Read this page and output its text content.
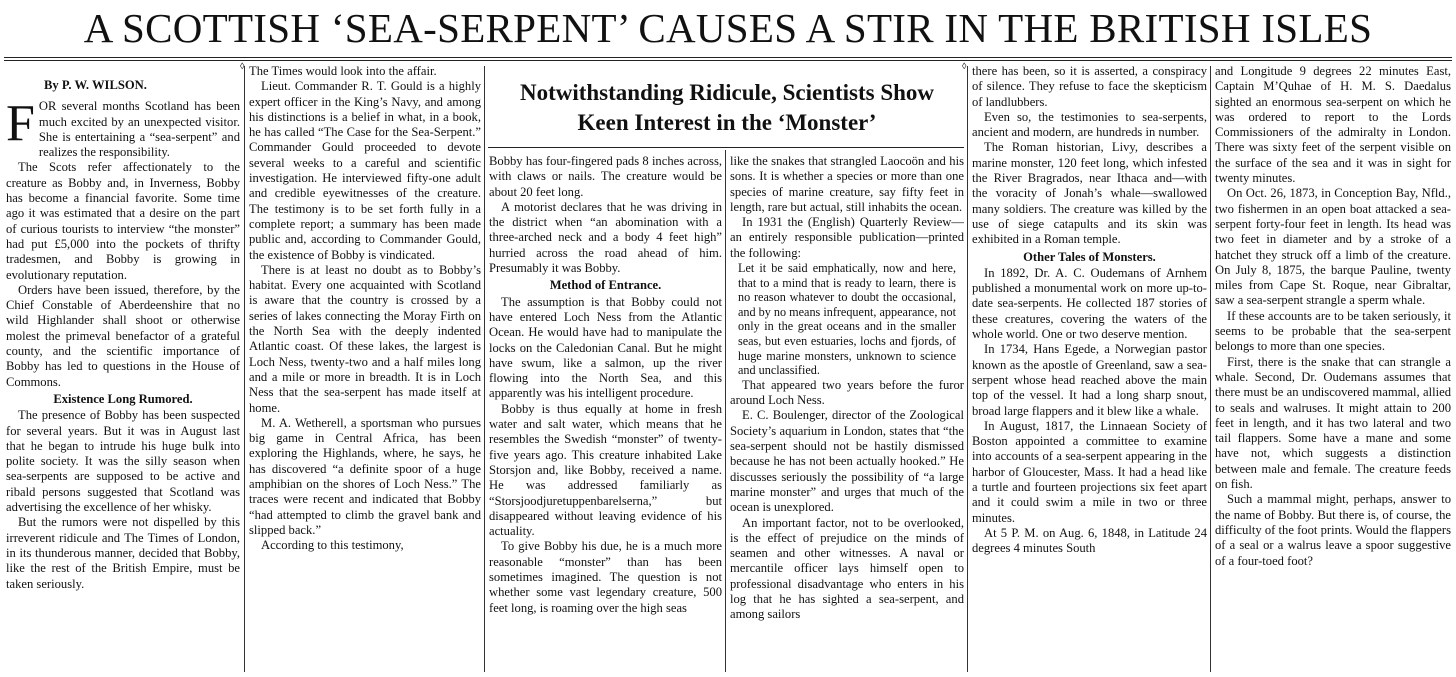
A SCOTTISH ‘SEA-SERPENT’ CAUSES A STIR IN THE BRITISH ISLES
◊	◊
By P. W. WILSON.

FOR several months Scotland has been much excited by an unexpected visitor. She is entertaining a “sea-serpent” and realizes the responsibility.

The Scots refer affectionately to the creature as Bobby and, in Inverness, Bobby has become a financial favorite. Some time ago it was estimated that a desire on the part of curious tourists to interview “the monster” had put £5,000 into the pockets of thrifty tradesmen, and Bobby is growing in evolutionary reputation.

Orders have been issued, therefore, by the Chief Constable of Aberdeenshire that no wild Highlander shall shoot or otherwise molest the primeval benefactor of a grateful county, and the scientific importance of Bobby has led to questions in the House of Commons.

Existence Long Rumored.

The presence of Bobby has been suspected for several years. But it was in August last that he began to intrude his huge bulk into polite society. It was the silly season when sea-serpents are supposed to be active and ribald persons suggested that Scotland was advertising the excellence of her whisky.

But the rumors were not dispelled by this irreverent ridicule and The Times of London, in its thunderous manner, decided that Bobby, like the rest of the British Empire, must be taken seriously.

The Times would look into the affair.

Lieut. Commander R. T. Gould is a highly expert officer in the King’s Navy, and among his distinctions is a belief in what, in a book, he has called “The Case for the Sea-Serpent.” Commander Gould proceeded to devote several weeks to a careful and scientific investigation. He interviewed fifty-one adult and credible eyewitnesses of the creature. The testimony is to be set forth fully in a complete report; a summary has been made public and, according to Commander Gould, the existence of Bobby is vindicated.

There is at least no doubt as to Bobby’s habitat. Every one acquainted with Scotland is aware that the country is crossed by a series of lakes connecting the Moray Firth on the North Sea with the deeply indented Atlantic coast. Of these lakes, the largest is Loch Ness, twenty-two and a half miles long and a mile or more in breadth. It is in Loch Ness that the sea-serpent has made itself at home.

M. A. Wetherell, a sportsman who pursues big game in Central Africa, has been exploring the Highlands, where, he says, he has discovered “a definite spoor of a huge amphibian on the shores of Loch Ness.” The traces were recent and indicated that Bobby “had attempted to climb the gravel bank and slipped back.”

According to this testimony,

Notwithstanding Ridicule, Scientists Show
Keen Interest in the ‘Monster’

Bobby has four-fingered pads 8 inches across, with claws or nails. The creature would be about 20 feet long.

A motorist declares that he was driving in the district when “an abomination with a three-arched neck and a body 4 feet high” hurried across the road ahead of him. Presumably it was Bobby.

Method of Entrance.

The assumption is that Bobby could not have entered Loch Ness from the Atlantic Ocean. He would have had to manipulate the locks on the Caledonian Canal. But he might have swum, like a salmon, up the river flowing into the North Sea, and this apparently was his intelligent procedure.

Bobby is thus equally at home in fresh water and salt water, which means that he resembles the Swedish “monster” of twenty-five years ago. This creature inhabited Lake Storsjon and, like Bobby, received a name. He was addressed familiarly as “Storsjoodjuretuppenbarelserna,” but disappeared without leaving evidence of his actuality.

To give Bobby his due, he is a much more reasonable “monster” than has been sometimes imagined. The question is not whether some vast legendary creature, 500 feet long, is roaming over the high seas

like the snakes that strangled Laocoön and his sons. It is whether a species or more than one species of marine creature, say fifty feet in length, rare but actual, still inhabits the ocean.

In 1931 the (English) Quarterly Review—an entirely responsible publication—printed the following:

Let it be said emphatically, now and here, that to a mind that is ready to learn, there is no reason whatever to doubt the occasional, and by no means infrequent, appearance, not only in the great oceans and in the smaller seas, but even estuaries, lochs and fjords, of huge marine monsters, unknown to science and unclassified.

That appeared two years before the furor around Loch Ness.

E. C. Boulenger, director of the Zoological Society’s aquarium in London, states that “the sea-serpent should not be hastily dismissed because he has not been actually hooked.” He discusses seriously the possibility of “a large marine monster” and urges that much of the ocean is unexplored.

An important factor, not to be overlooked, is the effect of prejudice on the minds of seamen and other witnesses. A naval or mercantile officer lays himself open to professional disadvantage who enters in his log that he has sighted a sea-serpent, and among sailors

there has been, so it is asserted, a conspiracy of silence. They refuse to face the skepticism of landlubbers.

Even so, the testimonies to sea-serpents, ancient and modern, are hundreds in number.

The Roman historian, Livy, describes a marine monster, 120 feet long, which infested the River Bragrados, near Ithaca and—with the voracity of Jonah’s whale—swallowed many soldiers. The creature was killed by the use of siege catapults and its skin was exhibited in a Roman temple.

Other Tales of Monsters.

In 1892, Dr. A. C. Oudemans of Arnhem published a monumental work on more up-to-date sea-serpents. He collected 187 stories of these creatures, covering the waters of the whole world. One or two deserve mention.

In 1734, Hans Egede, a Norwegian pastor known as the apostle of Greenland, saw a sea-serpent whose head reached above the main top of the vessel. It had a long sharp snout, broad large flappers and it blew like a whale.

In August, 1817, the Linnaean Society of Boston appointed a committee to examine into accounts of a sea-serpent appearing in the harbor of Gloucester, Mass. It had a head like a turtle and fourteen projections six feet apart and it could swim a mile in two or three minutes.

At 5 P. M. on Aug. 6, 1848, in Latitude 24 degrees 4 minutes South

and Longitude 9 degrees 22 minutes East, Captain M’Quhae of H. M. S. Daedalus sighted an enormous sea-serpent on which he was ordered to report to the Lords Commissioners of the admiralty in London. There was sixty feet of the serpent visible on the surface of the sea and it was in sight for twenty minutes.

On Oct. 26, 1873, in Conception Bay, Nfld., two fishermen in an open boat attacked a sea-serpent forty-four feet in length. Its head was two feet in diameter and by a stroke of a hatchet they struck off a limb of the creature. On July 8, 1875, the barque Pauline, twenty miles from Cape St. Roque, near Gibraltar, saw a sea-serpent strangle a sperm whale.

If these accounts are to be taken seriously, it seems to be probable that the sea-serpent belongs to more than one species.

First, there is the snake that can strangle a whale. Second, Dr. Oudemans assumes that there must be an undiscovered mammal, allied to seals and walruses. It might attain to 200 feet in length, and it has two lateral and two tail flappers. Some have a mane and some have not, which suggests a distinction between male and female. The creature feeds on fish.

Such a mammal might, perhaps, answer to the name of Bobby. But there is, of course, the difficulty of the foot prints. Would the flappers of a seal or a walrus leave a spoor suggestive of a four-toed foot?
